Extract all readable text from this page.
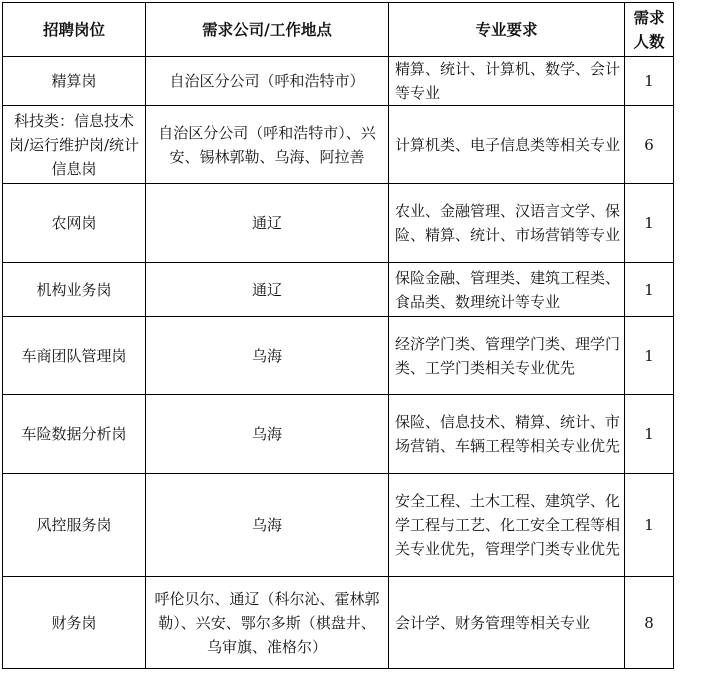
招聘岗位	需求公司/工作地点	专业要求	需求人数
精算岗	自治区分公司（呼和浩特市）	精算、统计、计算机、数学、会计等专业	1
科技类：信息技术岗/运行维护岗/统计信息岗	自治区分公司（呼和浩特市）、兴安、锡林郭勒、乌海、阿拉善	计算机类、电子信息类等相关专业	6
农网岗	通辽	农业、金融管理、汉语言文学、保险、精算、统计、市场营销等专业	1
机构业务岗	通辽	保险金融、管理类、建筑工程类、食品类、数理统计等专业	1
车商团队管理岗	乌海	经济学门类、管理学门类、理学门类、工学门类相关专业优先	1
车险数据分析岗	乌海	保险、信息技术、精算、统计、市场营销、车辆工程等相关专业优先	1
风控服务岗	乌海	安全工程、土木工程、建筑学、化学工程与工艺、化工安全工程等相关专业优先，管理学门类专业优先	1
财务岗	呼伦贝尔、通辽（科尔沁、霍林郭勒）、兴安、鄂尔多斯（棋盘井、乌审旗、准格尔）	会计学、财务管理等相关专业	8
